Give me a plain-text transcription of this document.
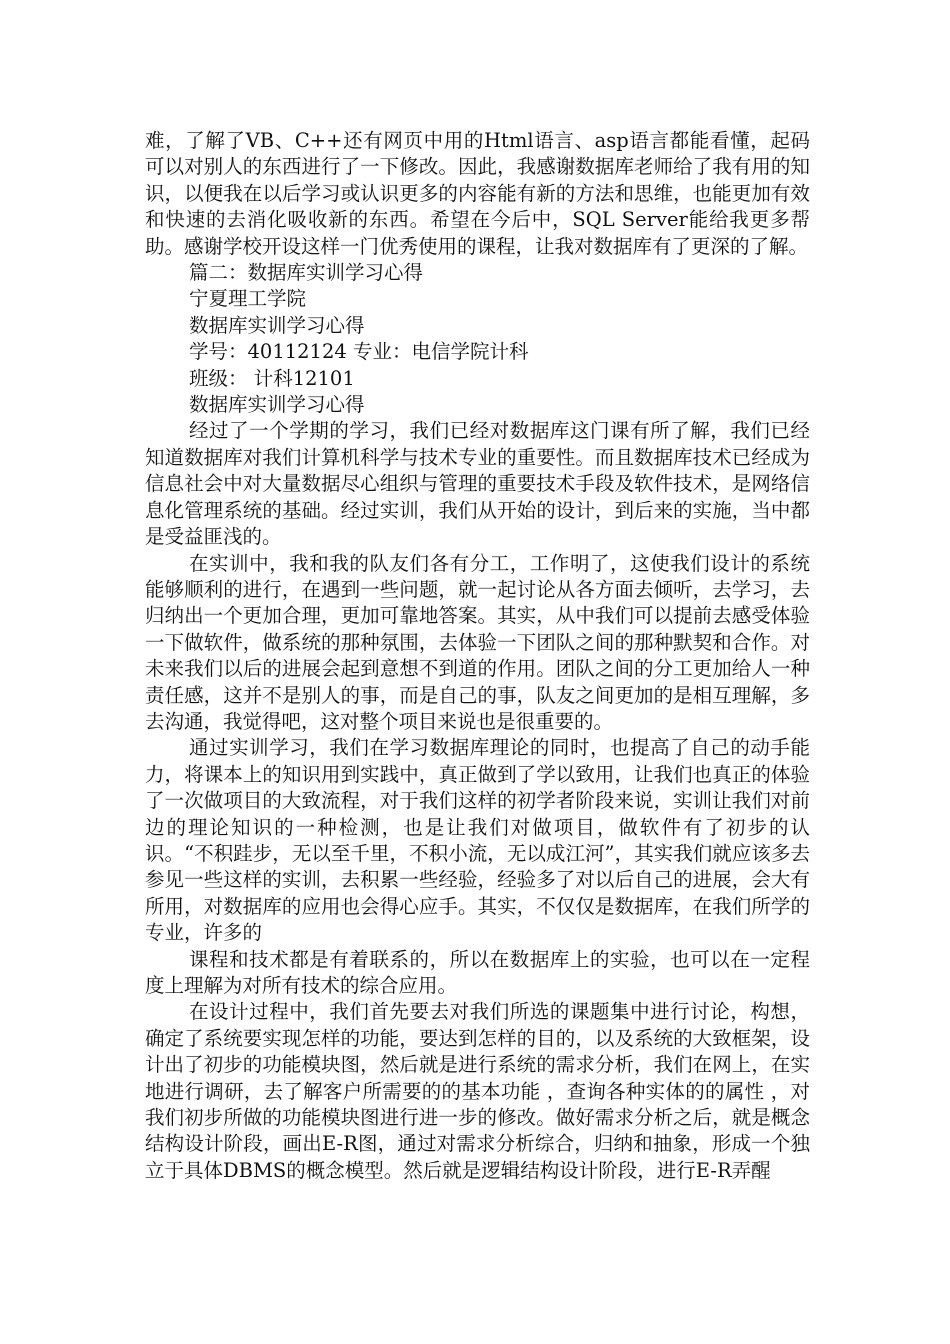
难，了解了VB、C++还有网页中用的Html语言、asp语言都能看懂，起码可以对别人的东西进行了一下修改。因此，我感谢数据库老师给了我有用的知识，以便我在以后学习或认识更多的内容能有新的方法和思维，也能更加有效和快速的去消化吸收新的东西。希望在今后中，SQL Server能给我更多帮助。感谢学校开设这样一门优秀使用的课程，让我对数据库有了更深的了解。

篇二：数据库实训学习心得

宁夏理工学院

数据库实训学习心得

学号：40112124 专业：电信学院计科

班级： 计科12101

数据库实训学习心得

经过了一个学期的学习，我们已经对数据库这门课有所了解，我们已经知道数据库对我们计算机科学与技术专业的重要性。而且数据库技术已经成为信息社会中对大量数据尽心组织与管理的重要技术手段及软件技术，是网络信息化管理系统的基础。经过实训，我们从开始的设计，到后来的实施，当中都是受益匪浅的。

在实训中，我和我的队友们各有分工，工作明了，这使我们设计的系统能够顺利的进行，在遇到一些问题，就一起讨论从各方面去倾听，去学习，去归纳出一个更加合理，更加可靠地答案。其实，从中我们可以提前去感受体验一下做软件，做系统的那种氛围，去体验一下团队之间的那种默契和合作。对未来我们以后的进展会起到意想不到道的作用。团队之间的分工更加给人一种责任感，这并不是别人的事，而是自己的事，队友之间更加的是相互理解，多去沟通，我觉得吧，这对整个项目来说也是很重要的。

通过实训学习，我们在学习数据库理论的同时，也提高了自己的动手能力，将课本上的知识用到实践中，真正做到了学以致用，让我们也真正的体验了一次做项目的大致流程，对于我们这样的初学者阶段来说，实训让我们对前边的理论知识的一种检测，也是让我们对做项目，做软件有了初步的认识。“不积跬步，无以至千里，不积小流，无以成江河”，其实我们就应该多去参见一些这样的实训，去积累一些经验，经验多了对以后自己的进展，会大有所用，对数据库的应用也会得心应手。其实，不仅仅是数据库，在我们所学的专业，许多的

课程和技术都是有着联系的，所以在数据库上的实验，也可以在一定程度上理解为对所有技术的综合应用。

在设计过程中，我们首先要去对我们所选的课题集中进行讨论，构想，确定了系统要实现怎样的功能，要达到怎样的目的，以及系统的大致框架，设计出了初步的功能模块图，然后就是进行系统的需求分析，我们在网上，在实地进行调研，去了解客户所需要的的基本功能 ，查询各种实体的的属性 ，对我们初步所做的功能模块图进行进一步的修改。做好需求分析之后，就是概念结构设计阶段，画出E-R图，通过对需求分析综合，归纳和抽象，形成一个独立于具体DBMS的概念模型。然后就是逻辑结构设计阶段，进行E-R弄醒
